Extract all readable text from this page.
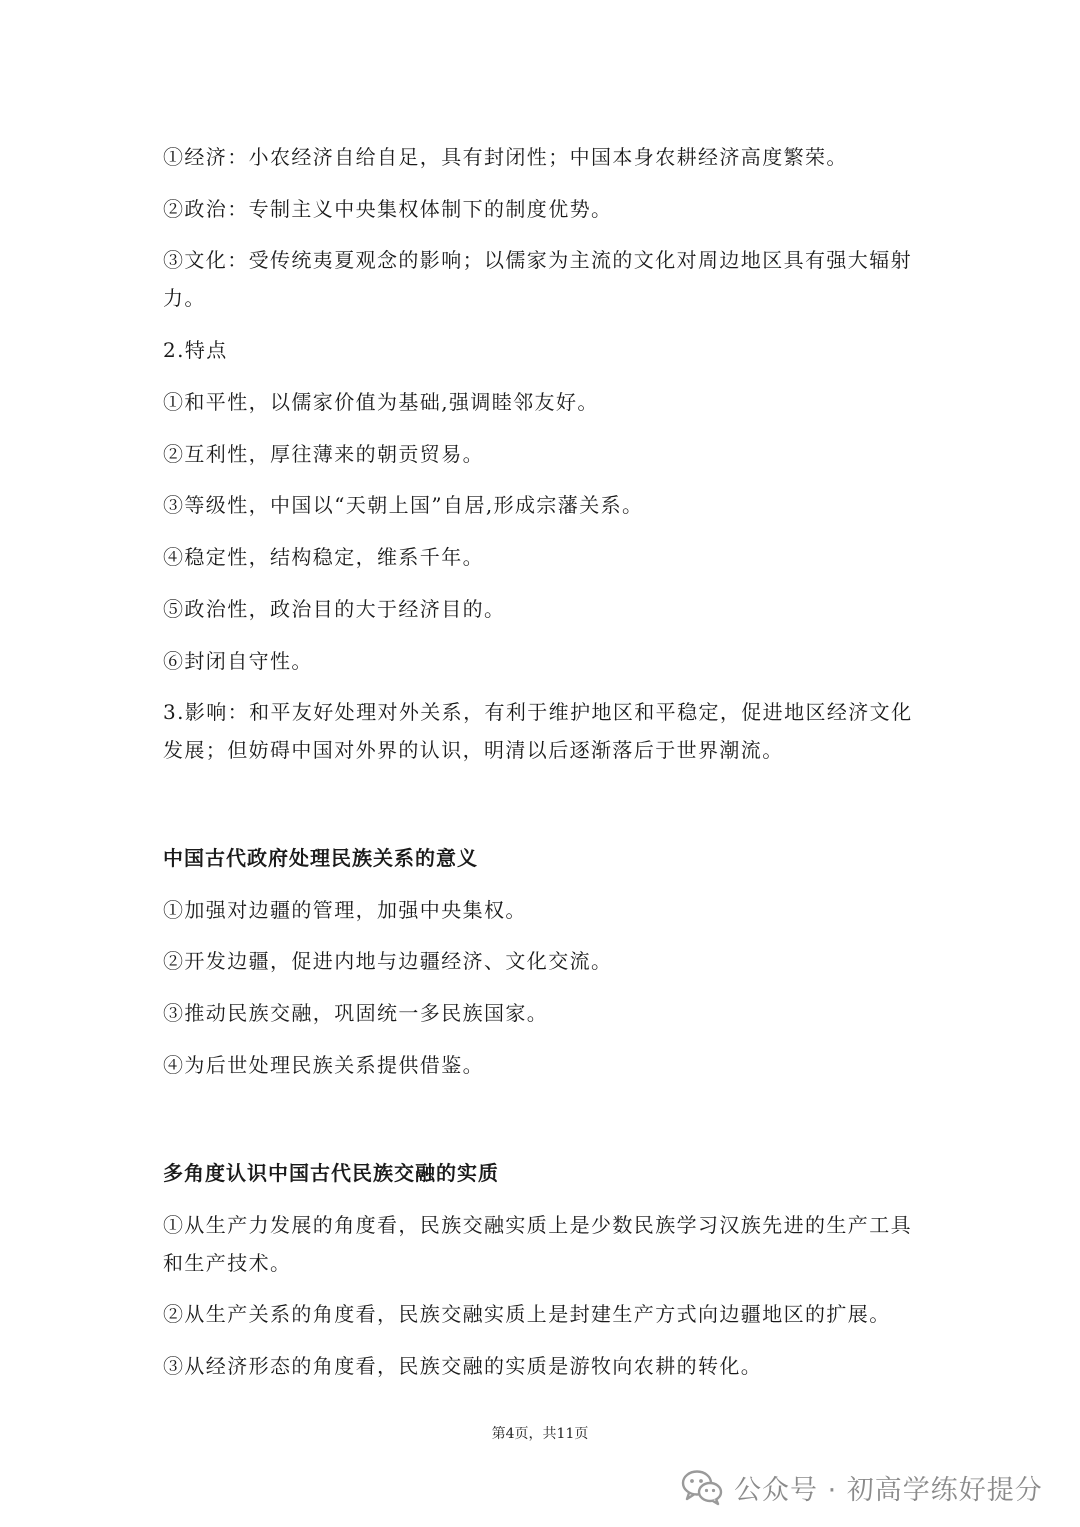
①经济：小农经济自给自足，具有封闭性；中国本身农耕经济高度繁荣。
②政治：专制主义中央集权体制下的制度优势。
③文化：受传统夷夏观念的影响；以儒家为主流的文化对周边地区具有强大辐射
力。
2.特点
①和平性，以儒家价值为基础,强调睦邻友好。
②互利性，厚往薄来的朝贡贸易。
③等级性，中国以“天朝上国”自居,形成宗藩关系。
④稳定性，结构稳定，维系千年。
⑤政治性，政治目的大于经济目的。
⑥封闭自守性。
3.影响：和平友好处理对外关系，有利于维护地区和平稳定，促进地区经济文化
发展；但妨碍中国对外界的认识，明清以后逐渐落后于世界潮流。
中国古代政府处理民族关系的意义
①加强对边疆的管理，加强中央集权。
②开发边疆，促进内地与边疆经济、文化交流。
③推动民族交融，巩固统一多民族国家。
④为后世处理民族关系提供借鉴。
多角度认识中国古代民族交融的实质
①从生产力发展的角度看，民族交融实质上是少数民族学习汉族先进的生产工具
和生产技术。
②从生产关系的角度看，民族交融实质上是封建生产方式向边疆地区的扩展。
③从经济形态的角度看，民族交融的实质是游牧向农耕的转化。
第4页，共11页
公众号 · 初高学练好提分
